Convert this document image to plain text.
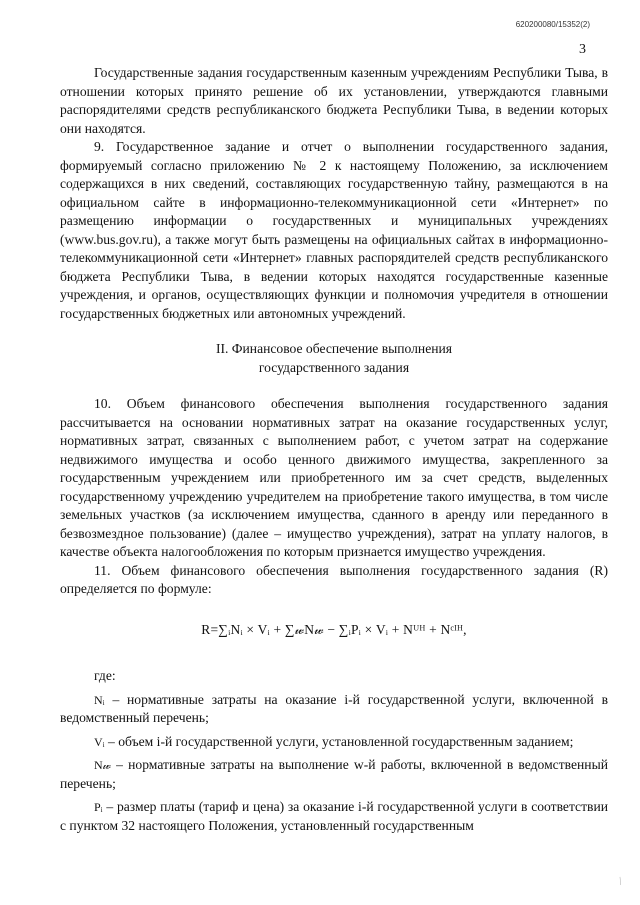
620200080/15352(2)
3

Государственные задания государственным казенным учреждениям Республики Тыва, в отношении которых принято решение об их установлении, утверждаются главными распорядителями средств республиканского бюджета Республики Тыва, в ведении которых они находятся.

9. Государственное задание и отчет о выполнении государственного задания, формируемый согласно приложению № 2 к настоящему Положению, за исключением содержащихся в них сведений, составляющих государственную тайну, размещаются в на официальном сайте в информационно-телекоммуникационной сети «Интернет» по размещению информации о государственных и муниципальных учреждениях (www.bus.gov.ru), а также могут быть размещены на официальных сайтах в информационно-телекоммуникационной сети «Интернет» главных распорядителей средств республиканского бюджета Республики Тыва, в ведении которых находятся государственные казенные учреждения, и органов, осуществляющих функции и полномочия учредителя в отношении государственных бюджетных или автономных учреждений.

II. Финансовое обеспечение выполнения
государственного задания

10. Объем финансового обеспечения выполнения государственного задания рассчитывается на основании нормативных затрат на оказание государственных услуг, нормативных затрат, связанных с выполнением работ, с учетом затрат на содержание недвижимого имущества и особо ценного движимого имущества, закрепленного за государственным учреждением или приобретенного им за счет средств, выделенных государственному учреждению учредителем на приобретение такого имущества, в том числе земельных участков (за исключением имущества, сданного в аренду или переданного в безвозмездное пользование) (далее – имущество учреждения), затрат на уплату налогов, в качестве объекта налогообложения по которым признается имущество учреждения.

11. Объем финансового обеспечения выполнения государственного задания (R) определяется по формуле:

R=∑ᵢNᵢ × Vᵢ + ∑𝓌N𝓌 − ∑ᵢPᵢ × Vᵢ + Nᵁᴴ + Nᶜᴵᴴ,

где:

Nᵢ – нормативные затраты на оказание i-й государственной услуги, включенной в ведомственный перечень;

Vᵢ – объем i-й государственной услуги, установленной государственным заданием;

N𝓌 – нормативные затраты на выполнение w-й работы, включенной в ведомственный перечень;

Pᵢ – размер платы (тариф и цена) за оказание i-й государственной услуги в соответствии с пунктом 32 настоящего Положения, установленный государственным

⁄
